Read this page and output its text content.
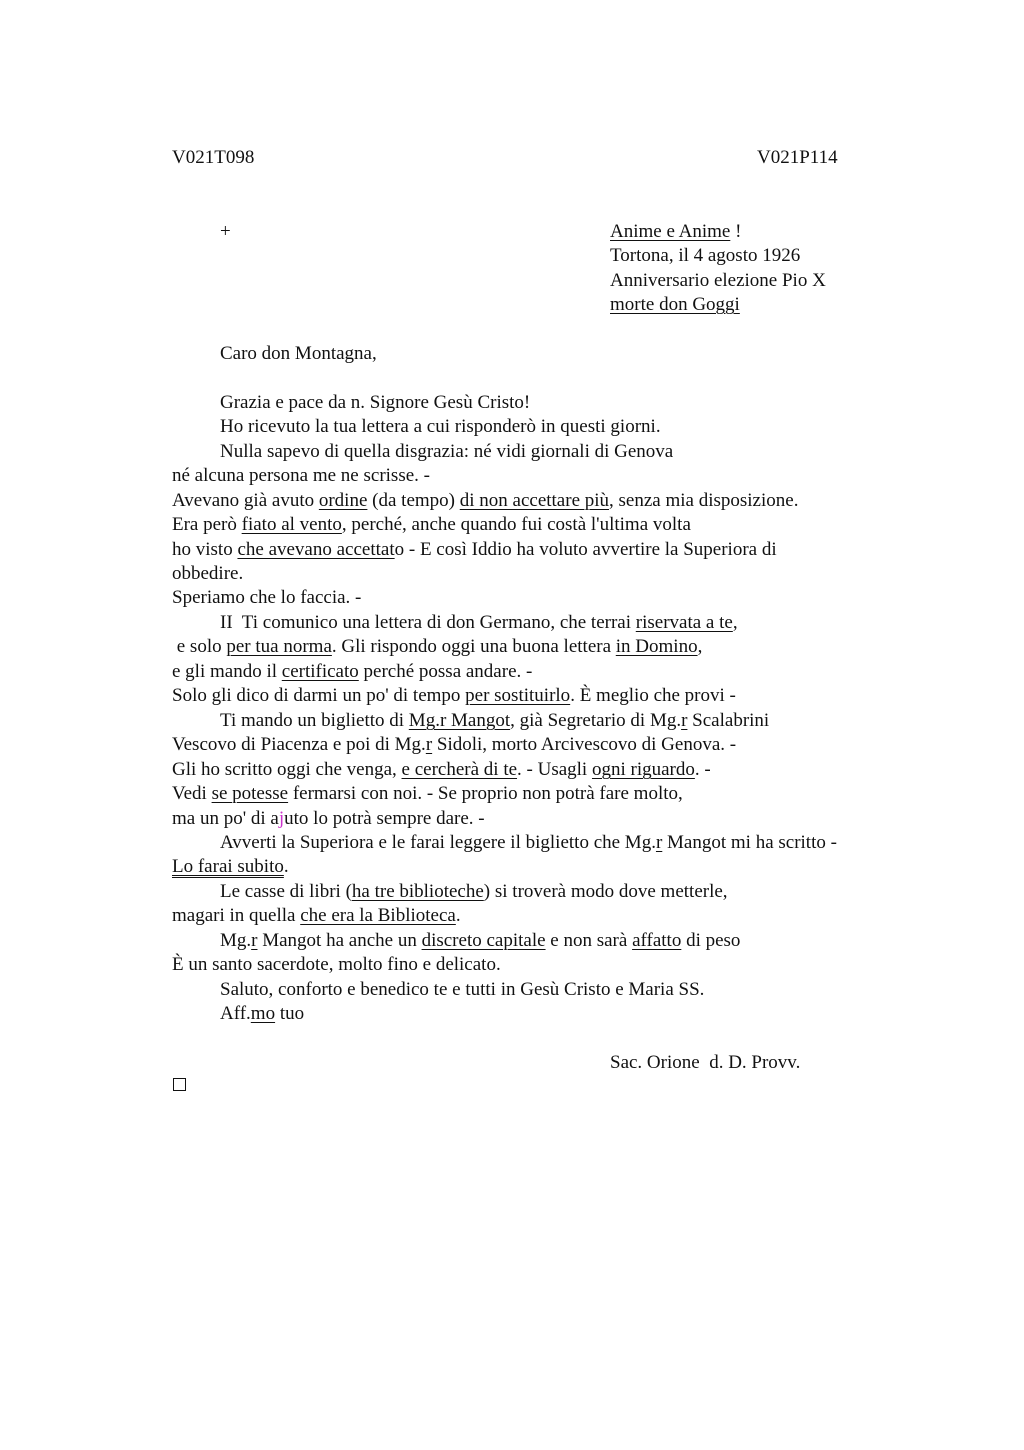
V021T098	V021P114
+	Anime e Anime !
Tortona, il 4 agosto 1926
Anniversario elezione Pio X
morte don Goggi
Caro don Montagna,
Grazia e pace da n. Signore Gesù Cristo!
Ho ricevuto la tua lettera a cui risponderò in questi giorni.
Nulla sapevo di quella disgrazia: né vidi giornali di Genova
né alcuna persona me ne scrisse. -
Avevano già avuto ordine (da tempo) di non accettare più, senza mia disposizione.
Era però fiato al vento, perché, anche quando fui costà l'ultima volta
ho visto che avevano accettato - E così Iddio ha voluto avvertire la Superiora di
obbedire.
Speriamo che lo faccia. -
II  Ti comunico una lettera di don Germano, che terrai riservata a te,
e solo per tua norma. Gli rispondo oggi una buona lettera in Domino,
e gli mando il certificato perché possa andare. -
Solo gli dico di darmi un po' di tempo per sostituirlo. È meglio che provi -
Ti mando un biglietto di Mg.r Mangot, già Segretario di Mg.r Scalabrini
Vescovo di Piacenza e poi di Mg.r Sidoli, morto Arcivescovo di Genova. -
Gli ho scritto oggi che venga, e cercherà di te. - Usagli ogni riguardo. -
Vedi se potesse fermarsi con noi. - Se proprio non potrà fare molto,
ma un po' di ajuto lo potrà sempre dare. -
Avverti la Superiora e le farai leggere il biglietto che Mg.r Mangot mi ha scritto -
Lo farai subito.
Le casse di libri (ha tre biblioteche) si troverà modo dove metterle,
magari in quella che era la Biblioteca.
Mg.r Mangot ha anche un discreto capitale e non sarà affatto di peso
È un santo sacerdote, molto fino e delicato.
Saluto, conforto e benedico te e tutti in Gesù Cristo e Maria SS.
Aff.mo tuo
Sac. Orione  d. D. Provv.
